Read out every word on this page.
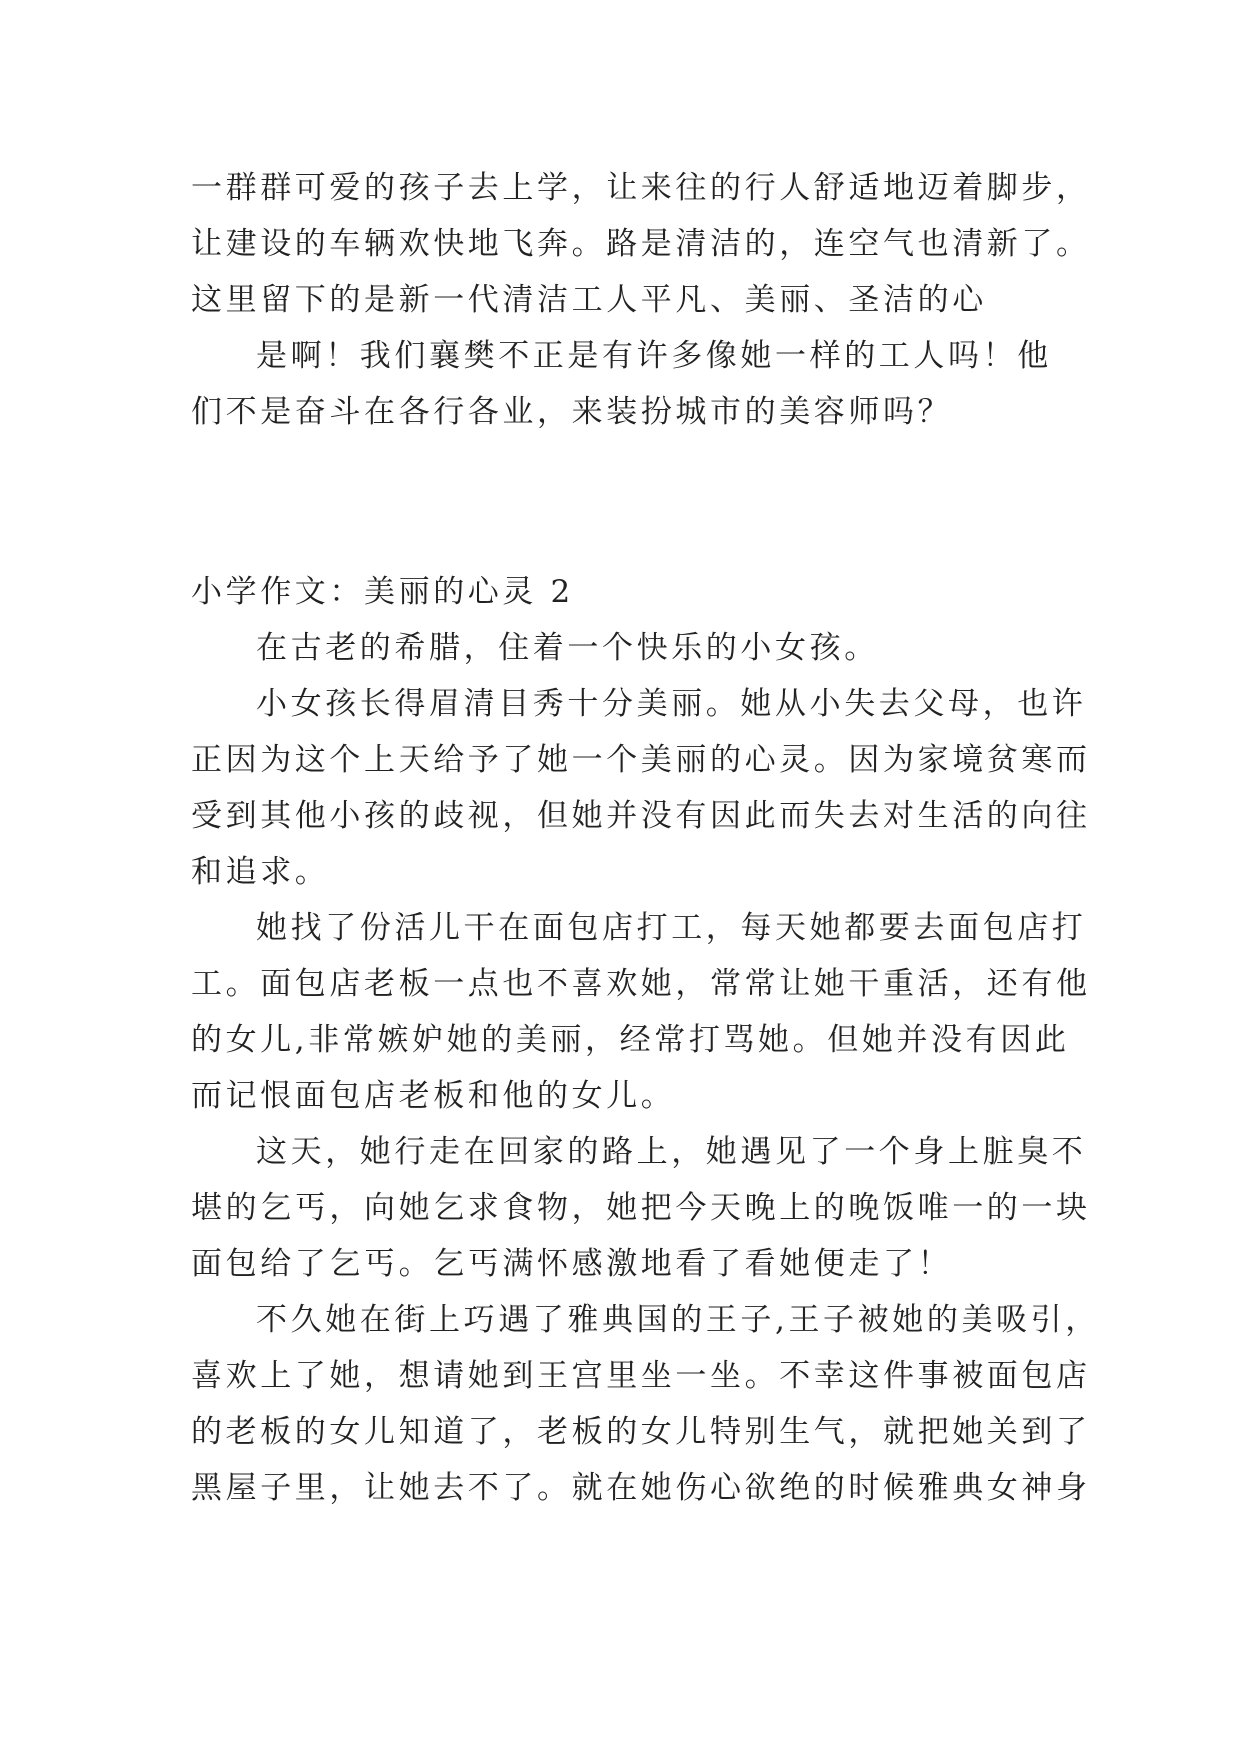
一群群可爱的孩子去上学，让来往的行人舒适地迈着脚步，
让建设的车辆欢快地飞奔。路是清洁的，连空气也清新了。
这里留下的是新一代清洁工人平凡、美丽、圣洁的心
是啊！我们襄樊不正是有许多像她一样的工人吗！他
们不是奋斗在各行各业，来装扮城市的美容师吗？
小学作文：美丽的心灵 2
在古老的希腊，住着一个快乐的小女孩。
小女孩长得眉清目秀十分美丽。她从小失去父母，也许
正因为这个上天给予了她一个美丽的心灵。因为家境贫寒而
受到其他小孩的歧视，但她并没有因此而失去对生活的向往
和追求。
她找了份活儿干在面包店打工，每天她都要去面包店打
工。面包店老板一点也不喜欢她，常常让她干重活，还有他
的女儿,非常嫉妒她的美丽，经常打骂她。但她并没有因此
而记恨面包店老板和他的女儿。
这天，她行走在回家的路上，她遇见了一个身上脏臭不
堪的乞丐，向她乞求食物，她把今天晚上的晚饭唯一的一块
面包给了乞丐。乞丐满怀感激地看了看她便走了！
不久她在街上巧遇了雅典国的王子,王子被她的美吸引，
喜欢上了她，想请她到王宫里坐一坐。不幸这件事被面包店
的老板的女儿知道了，老板的女儿特别生气，就把她关到了
黑屋子里，让她去不了。就在她伤心欲绝的时候雅典女神身
